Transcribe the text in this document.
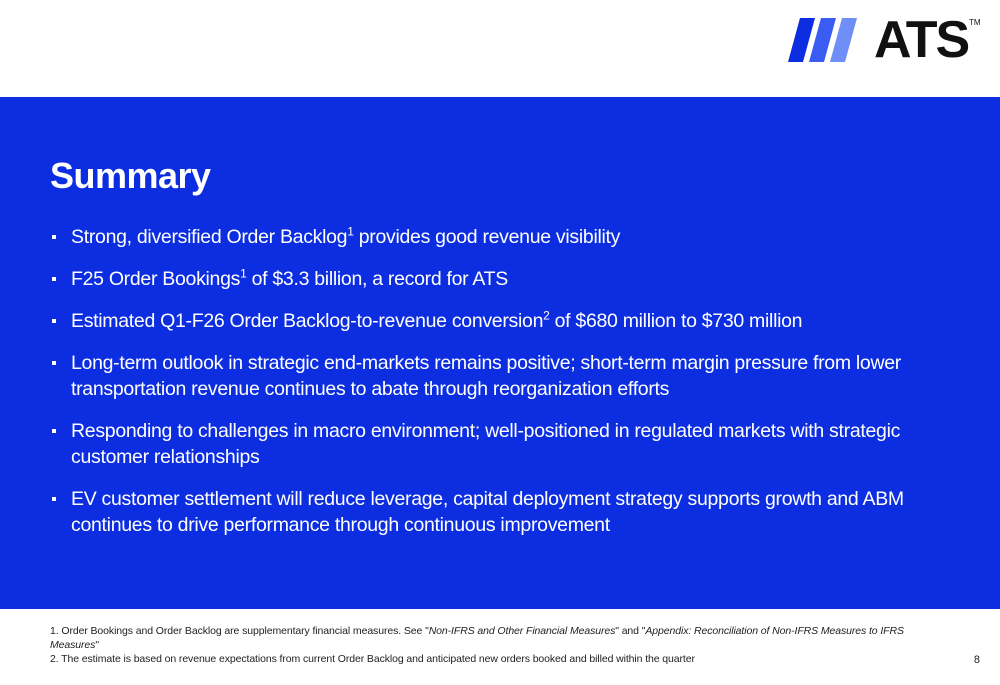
ATS TM
Summary
Strong, diversified Order Backlog$^1$ provides good revenue visibility
F25 Order Bookings$^1$ of $3.3 billion, a record for ATS
Estimated Q1-F26 Order Backlog-to-revenue conversion$^2$ of $680 million to $730 million
Long-term outlook in strategic end-markets remains positive; short-term margin pressure from lower transportation revenue continues to abate through reorganization efforts
Responding to challenges in macro environment; well-positioned in regulated markets with strategic customer relationships
EV customer settlement will reduce leverage, capital deployment strategy supports growth and ABM continues to drive performance through continuous improvement
1. Order Bookings and Order Backlog are supplementary financial measures. See "Non-IFRS and Other Financial Measures" and "Appendix: Reconciliation of Non-IFRS Measures to IFRS Measures"
2. The estimate is based on revenue expectations from current Order Backlog and anticipated new orders booked and billed within the quarter	8
